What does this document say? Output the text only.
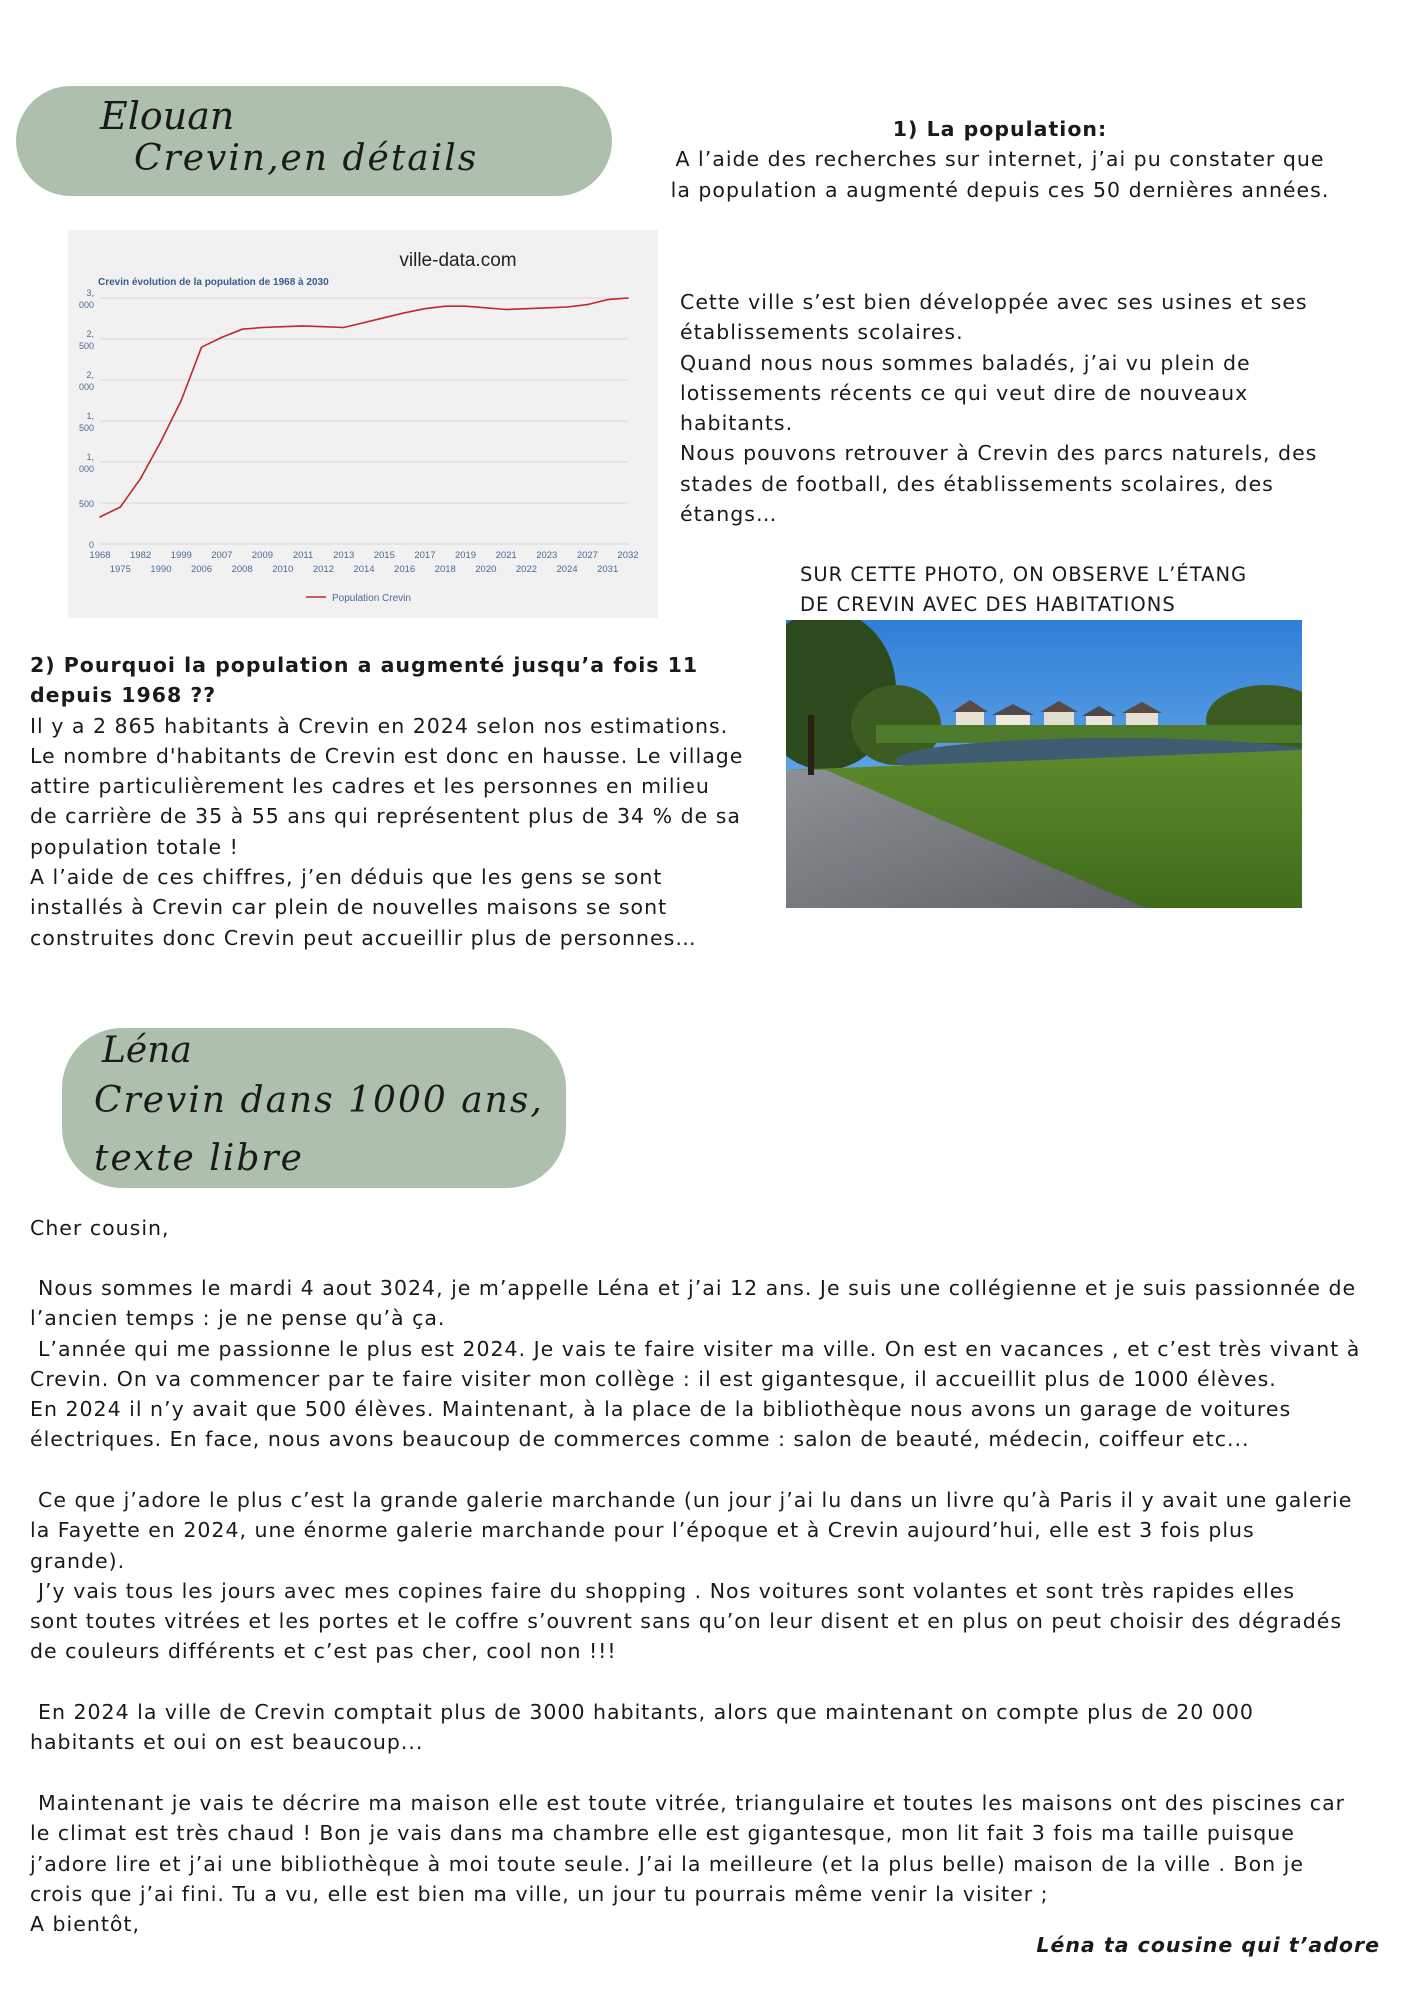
Elouan
Crevin,en détails

1) La population:

A l’aide des recherches sur internet, j’ai pu constater que

la population a augmenté depuis ces 50 dernières années.

ville-data.com
Crevin évolution de la population de 1968 à 2030
3,
000
2,
500
2,
000
1,
500
1,
000
500
0
1968
1975
1982
1990
1999
2006
2007
2008
2009
2010
2011
2012
2013
2014
2015
2016
2017
2018
2019
2020
2021
2022
2023
2024
2027
2031
2032
Population Crevin

Cette ville s’est bien développée avec ses usines et ses

établissements scolaires.

Quand nous nous sommes baladés, j’ai vu plein de

lotissements récents ce qui veut dire de nouveaux

habitants.

Nous pouvons retrouver à Crevin des parcs naturels, des

stades de football, des établissements scolaires, des

étangs…

SUR CETTE PHOTO, ON OBSERVE L’ÉTANG

DE CREVIN AVEC DES HABITATIONS

2) Pourquoi la population a augmenté jusqu’a fois 11

depuis 1968 ??

Il y a 2 865 habitants à Crevin en 2024 selon nos estimations.

Le nombre d'habitants de Crevin est donc en hausse. Le village

attire particulièrement les cadres et les personnes en milieu

de carrière de 35 à 55 ans qui représentent plus de 34 % de sa

population totale !

A l’aide de ces chiffres, j’en déduis que les gens se sont

installés à Crevin car plein de nouvelles maisons se sont

construites donc Crevin peut accueillir plus de personnes…

Léna
Crevin dans 1000 ans,
texte libre
Cher cousin,

Nous sommes le mardi 4 aout 3024, je m’appelle Léna et j’ai 12 ans. Je suis une collégienne et je suis passionnée de

l’ancien temps : je ne pense qu’à ça.

L’année qui me passionne le plus est 2024. Je vais te faire visiter ma ville. On est en vacances , et c’est très vivant à

Crevin. On va commencer par te faire visiter mon collège : il est gigantesque, il accueillit plus de 1000 élèves.

En 2024 il n’y avait que 500 élèves. Maintenant, à la place de la bibliothèque nous avons un garage de voitures

électriques. En face, nous avons beaucoup de commerces comme : salon de beauté, médecin, coiffeur etc...

Ce que j’adore le plus c’est la grande galerie marchande (un jour j’ai lu dans un livre qu’à Paris il y avait une galerie

la Fayette en 2024, une énorme galerie marchande pour l’époque et à Crevin aujourd’hui, elle est 3 fois plus

grande).

J’y vais tous les jours avec mes copines faire du shopping . Nos voitures sont volantes et sont très rapides elles

sont toutes vitrées et les portes et le coffre s’ouvrent sans qu’on leur disent et en plus on peut choisir des dégradés

de couleurs différents et c’est pas cher, cool non !!!

En 2024 la ville de Crevin comptait plus de 3000 habitants, alors que maintenant on compte plus de 20 000

habitants et oui on est beaucoup...

Maintenant je vais te décrire ma maison elle est toute vitrée, triangulaire et toutes les maisons ont des piscines car

le climat est très chaud ! Bon je vais dans ma chambre elle est gigantesque, mon lit fait 3 fois ma taille puisque

j’adore lire et j’ai une bibliothèque à moi toute seule. J’ai la meilleure (et la plus belle) maison de la ville . Bon je

crois que j’ai fini. Tu a vu, elle est bien ma ville, un jour tu pourrais même venir la visiter ;

A bientôt,

Léna ta cousine qui t’adore
